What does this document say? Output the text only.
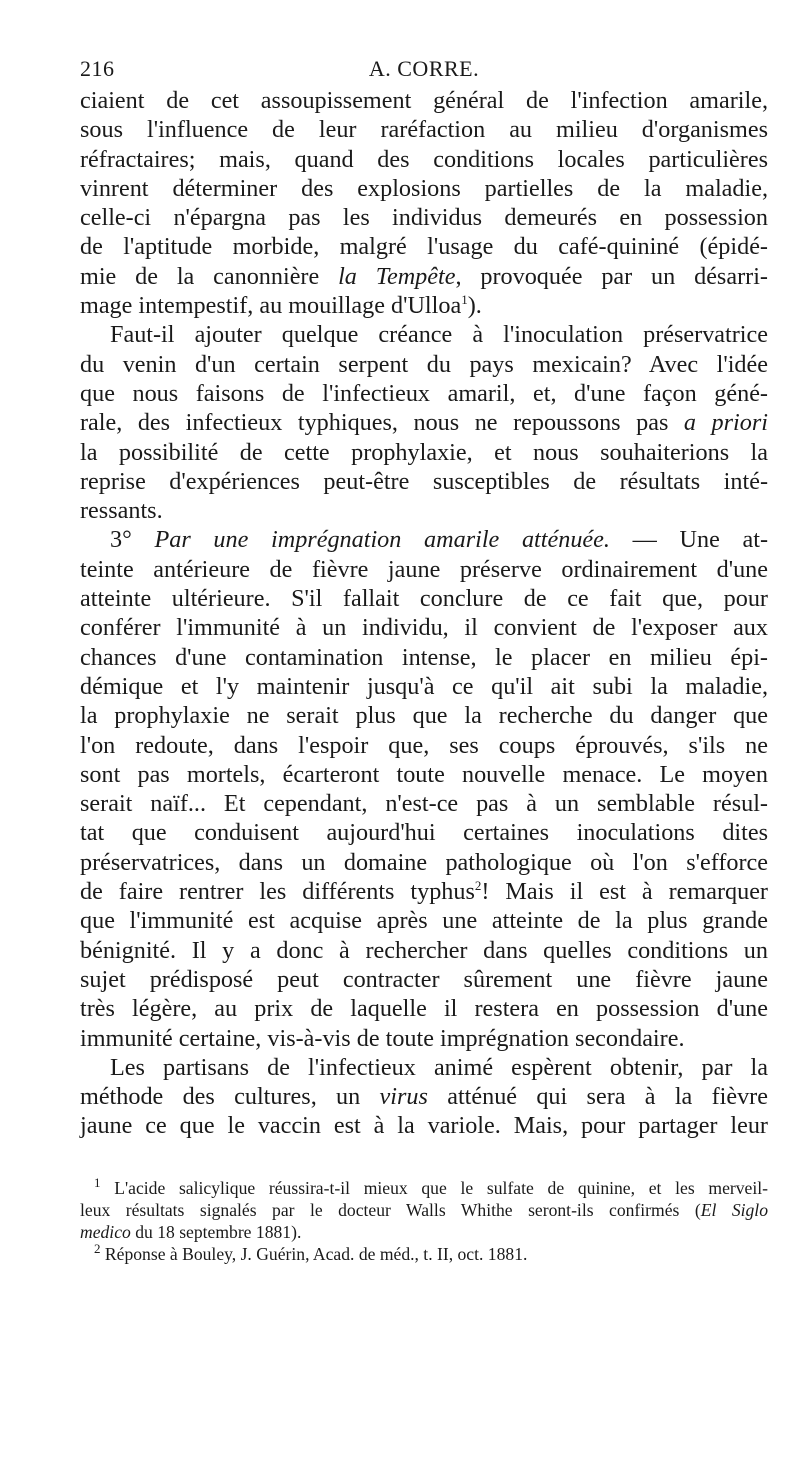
216	A. CORRE.

ciaient de cet assoupissement général de l'infection amarile,
sous l'influence de leur raréfaction au milieu d'organismes
réfractaires; mais, quand des conditions locales particulières
vinrent déterminer des explosions partielles de la maladie,
celle-ci n'épargna pas les individus demeurés en possession
de l'aptitude morbide, malgré l'usage du café-quininé (épidé-
mie de la canonnière la Tempête, provoquée par un désarri-
mage intempestif, au mouillage d'Ulloa$^1$).

Faut-il ajouter quelque créance à l'inoculation préservatrice
du venin d'un certain serpent du pays mexicain? Avec l'idée
que nous faisons de l'infectieux amaril, et, d'une façon géné-
rale, des infectieux typhiques, nous ne repoussons pas a priori
la possibilité de cette prophylaxie, et nous souhaiterions la
reprise d'expériences peut-être susceptibles de résultats inté-
ressants.

3° Par une imprégnation amarile atténuée. — Une at-
teinte antérieure de fièvre jaune préserve ordinairement d'une
atteinte ultérieure. S'il fallait conclure de ce fait que, pour
conférer l'immunité à un individu, il convient de l'exposer aux
chances d'une contamination intense, le placer en milieu épi-
démique et l'y maintenir jusqu'à ce qu'il ait subi la maladie,
la prophylaxie ne serait plus que la recherche du danger que
l'on redoute, dans l'espoir que, ses coups éprouvés, s'ils ne
sont pas mortels, écarteront toute nouvelle menace. Le moyen
serait naïf... Et cependant, n'est-ce pas à un semblable résul-
tat que conduisent aujourd'hui certaines inoculations dites
préservatrices, dans un domaine pathologique où l'on s'efforce
de faire rentrer les différents typhus$^2$! Mais il est à remarquer
que l'immunité est acquise après une atteinte de la plus grande
bénignité. Il y a donc à rechercher dans quelles conditions un
sujet prédisposé peut contracter sûrement une fièvre jaune
très légère, au prix de laquelle il restera en possession d'une
immunité certaine, vis-à-vis de toute imprégnation secondaire.

Les partisans de l'infectieux animé espèrent obtenir, par la
méthode des cultures, un virus atténué qui sera à la fièvre
jaune ce que le vaccin est à la variole. Mais, pour partager leur

$^1$ L'acide salicylique réussira-t-il mieux que le sulfate de quinine, et les merveil-
leux résultats signalés par le docteur Walls Whithe seront-ils confirmés (El Siglo
medico du 18 septembre 1881).
$^2$ Réponse à Bouley, J. Guérin, Acad. de méd., t. II, oct. 1881.
